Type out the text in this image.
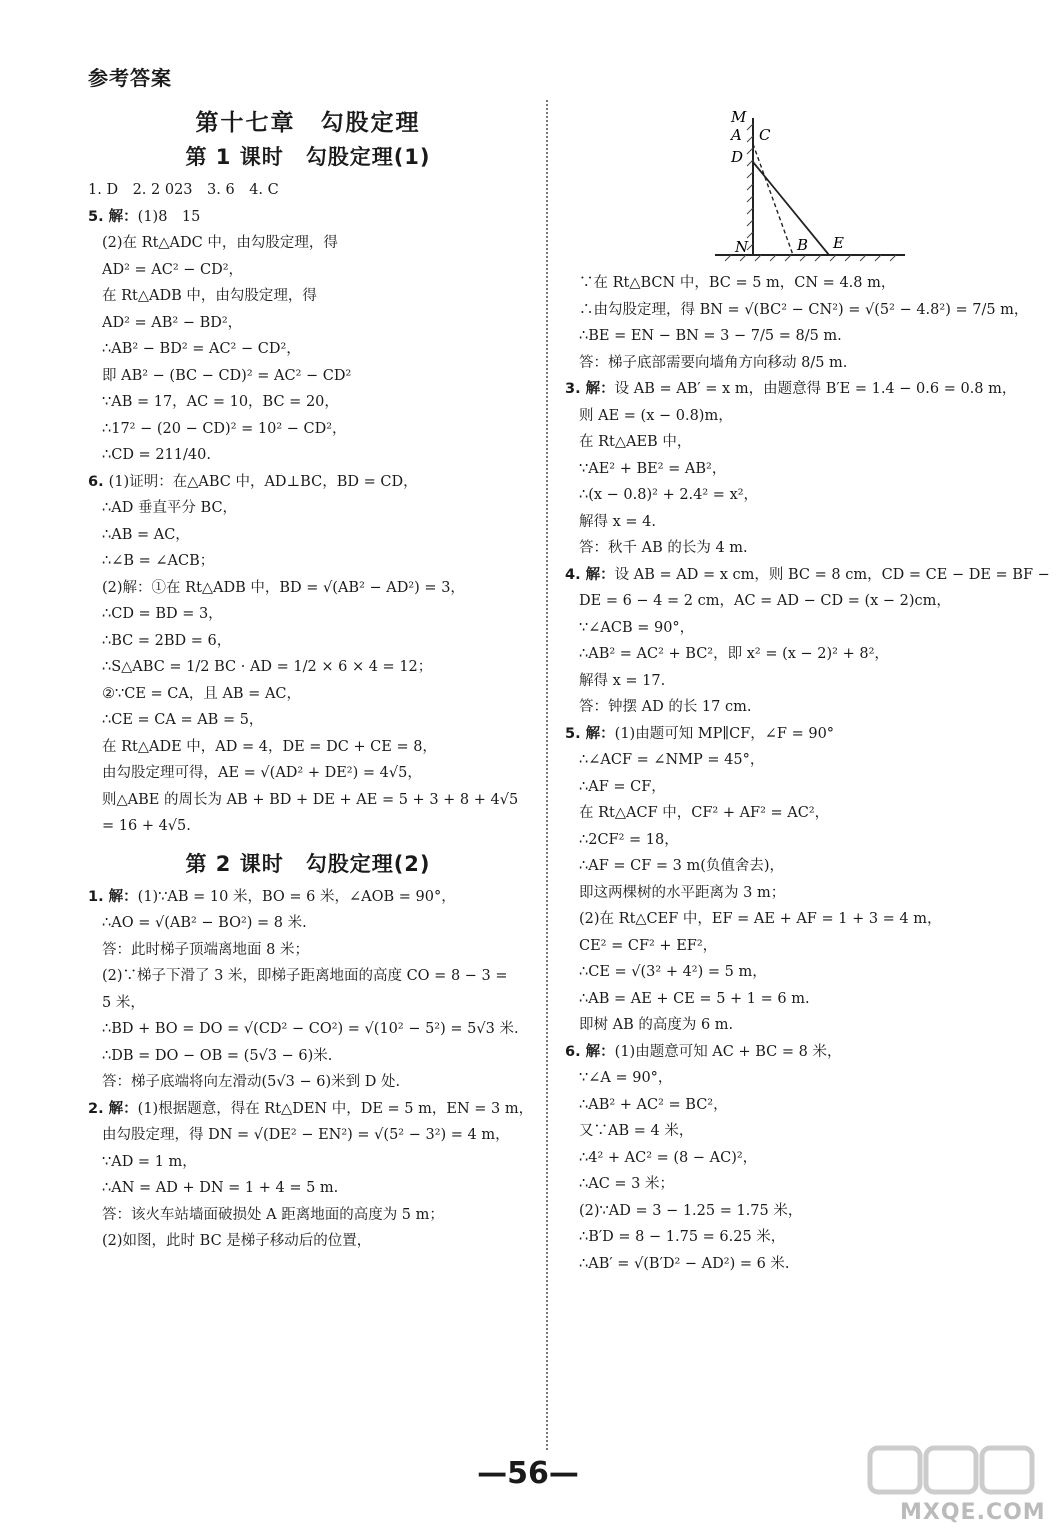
参考答案
第十七章　勾股定理
第 1 课时　勾股定理(1)
1. D　2. 2 023　3. 6　4. C
5. 解：(1)8　15
(2)在 Rt△ADC 中，由勾股定理，得
AD² = AC² − CD²，
在 Rt△ADB 中，由勾股定理，得
AD² = AB² − BD²，
∴AB² − BD² = AC² − CD²，
即 AB² − (BC − CD)² = AC² − CD²
∵AB = 17，AC = 10，BC = 20，
∴17² − (20 − CD)² = 10² − CD²，
∴CD = 211/40.
6. (1)证明：在△ABC 中，AD⊥BC，BD = CD，
∴AD 垂直平分 BC，
∴AB = AC，
∴∠B = ∠ACB；
(2)解：①在 Rt△ADB 中，BD = √(AB² − AD²) = 3，
∴CD = BD = 3，
∴BC = 2BD = 6，
∴S△ABC = 1/2 BC · AD = 1/2 × 6 × 4 = 12；
②∵CE = CA，且 AB = AC，
∴CE = CA = AB = 5，
在 Rt△ADE 中，AD = 4，DE = DC + CE = 8，
由勾股定理可得，AE = √(AD² + DE²) = 4√5，
则△ABE 的周长为 AB + BD + DE + AE = 5 + 3 + 8 + 4√5
= 16 + 4√5.
第 2 课时　勾股定理(2)
1. 解：(1)∵AB = 10 米，BO = 6 米，∠AOB = 90°，
∴AO = √(AB² − BO²) = 8 米.
答：此时梯子顶端离地面 8 米；
(2)∵梯子下滑了 3 米，即梯子距离地面的高度 CO = 8 − 3 =
5 米，
∴BD + BO = DO = √(CD² − CO²) = √(10² − 5²) = 5√3 米.
∴DB = DO − OB = (5√3 − 6)米.
答：梯子底端将向左滑动(5√3 − 6)米到 D 处.
2. 解：(1)根据题意，得在 Rt△DEN 中，DE = 5 m，EN = 3 m，
由勾股定理，得 DN = √(DE² − EN²) = √(5² − 3²) = 4 m，
∵AD = 1 m，
∴AN = AD + DN = 1 + 4 = 5 m.
答：该火车站墙面破损处 A 距离地面的高度为 5 m；
(2)如图，此时 BC 是梯子移动后的位置，
M
A C
D
N	B E
∵在 Rt△BCN 中，BC = 5 m，CN = 4.8 m，
∴由勾股定理，得 BN = √(BC² − CN²) = √(5² − 4.8²) = 7/5 m，
∴BE = EN − BN = 3 − 7/5 = 8/5 m.
答：梯子底部需要向墙角方向移动 8/5 m.
3. 解：设 AB = AB′ = x m，由题意得 B′E = 1.4 − 0.6 = 0.8 m，
则 AE = (x − 0.8)m，
在 Rt△AEB 中，
∵AE² + BE² = AB²，
∴(x − 0.8)² + 2.4² = x²，
解得 x = 4.
答：秋千 AB 的长为 4 m.
4. 解：设 AB = AD = x cm，则 BC = 8 cm，CD = CE − DE = BF −
DE = 6 − 4 = 2 cm，AC = AD − CD = (x − 2)cm，
∵∠ACB = 90°，
∴AB² = AC² + BC²，即 x² = (x − 2)² + 8²，
解得 x = 17.
答：钟摆 AD 的长 17 cm.
5. 解：(1)由题可知 MP∥CF，∠F = 90°
∴∠ACF = ∠NMP = 45°，
∴AF = CF，
在 Rt△ACF 中，CF² + AF² = AC²，
∴2CF² = 18，
∴AF = CF = 3 m(负值舍去)，
即这两棵树的水平距离为 3 m；
(2)在 Rt△CEF 中，EF = AE + AF = 1 + 3 = 4 m，
CE² = CF² + EF²，
∴CE = √(3² + 4²) = 5 m，
∴AB = AE + CE = 5 + 1 = 6 m.
即树 AB 的高度为 6 m.
6. 解：(1)由题意可知 AC + BC = 8 米，
∵∠A = 90°，
∴AB² + AC² = BC²，
又∵AB = 4 米，
∴4² + AC² = (8 − AC)²，
∴AC = 3 米；
(2)∵AD = 3 − 1.25 = 1.75 米，
∴B′D = 8 − 1.75 = 6.25 米，
∴AB′ = √(B′D² − AD²) = 6 米.
—56—
MXQE.COM
